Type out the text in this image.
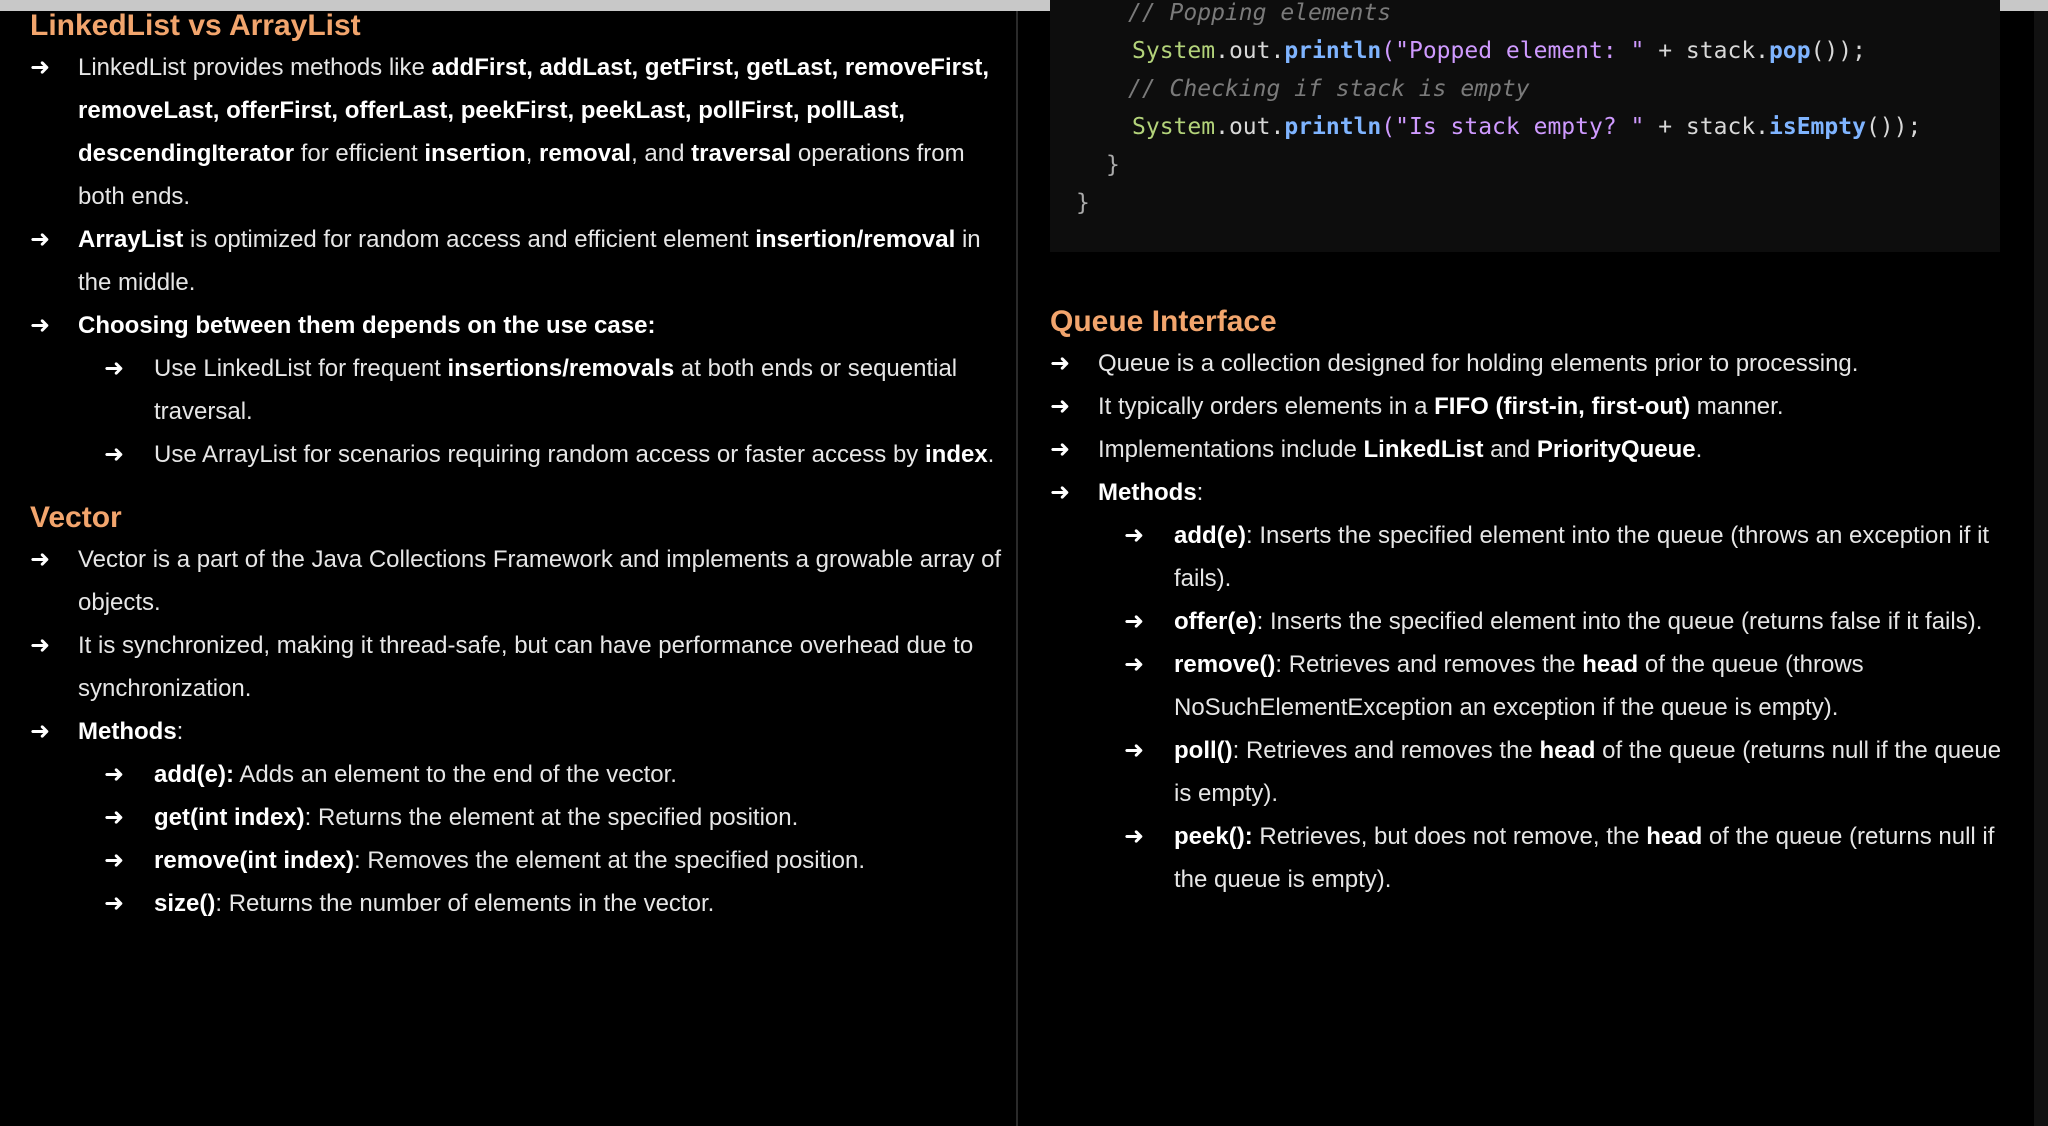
LinkedList vs ArrayList
➜	LinkedList provides methods like addFirst, addLast, getFirst, getLast, removeFirst, removeLast, offerFirst, offerLast, peekFirst, peekLast, pollFirst, pollLast, descendingIterator for efficient insertion, removal, and traversal operations from both ends.
➜	ArrayList is optimized for random access and efficient element insertion/removal in the middle.
➜	Choosing between them depends on the use case:
➜	Use LinkedList for frequent insertions/removals at both ends or sequential traversal.
➜	Use ArrayList for scenarios requiring random access or faster access by index.
Vector
➜	Vector is a part of the Java Collections Framework and implements a growable array of objects.
➜	It is synchronized, making it thread-safe, but can have performance overhead due to synchronization.
➜	Methods:
➜	add(e): Adds an element to the end of the vector.
➜	get(int index): Returns the element at the specified position.
➜	remove(int index): Removes the element at the specified position.
➜	size(): Returns the number of elements in the vector.
// Popping elements
System.out.println("Popped element: " + stack.pop());
// Checking if stack is empty
System.out.println("Is stack empty? " + stack.isEmpty());
}
}
Queue Interface
➜	Queue is a collection designed for holding elements prior to processing.
➜	It typically orders elements in a FIFO (first-in, first-out) manner.
➜	Implementations include LinkedList and PriorityQueue.
➜	Methods:
➜	add(e): Inserts the specified element into the queue (throws an exception if it fails).
➜	offer(e): Inserts the specified element into the queue (returns false if it fails).
➜	remove(): Retrieves and removes the head of the queue (throws NoSuchElementException an exception if the queue is empty).
➜	poll(): Retrieves and removes the head of the queue (returns null if the queue is empty).
➜	peek(): Retrieves, but does not remove, the head of the queue (returns null if the queue is empty).
